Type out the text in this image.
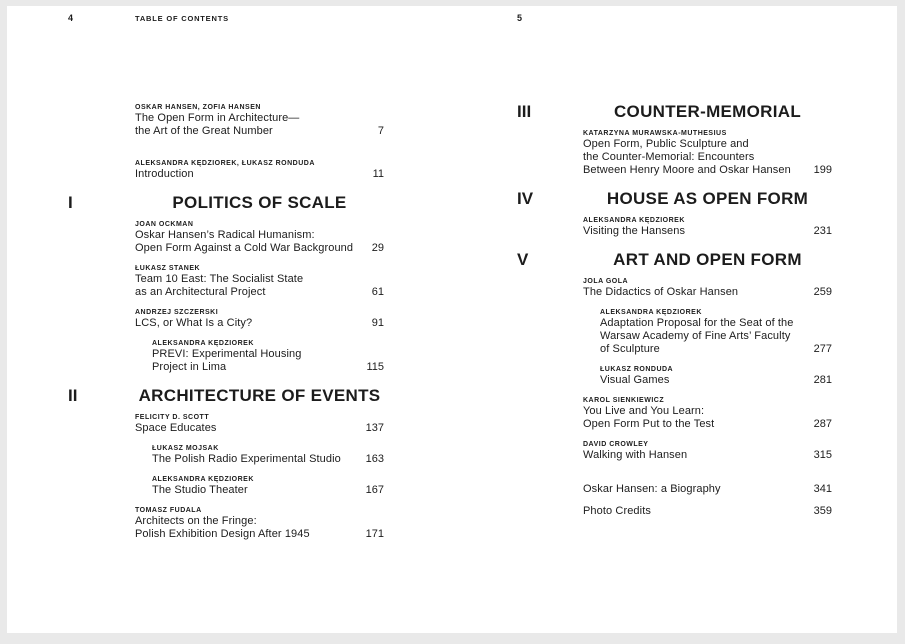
4	TABLE OF CONTENTS	5
OSKAR HANSEN, ZOFIA HANSEN
The Open Form in Architecture—
the Art of the Great Number	7
ALEKSANDRA KĘDZIOREK, ŁUKASZ RONDUDA
Introduction	11
I	POLITICS OF SCALE
JOAN OCKMAN
Oskar Hansen’s Radical Humanism:
Open Form Against a Cold War Background	29
ŁUKASZ STANEK
Team 10 East: The Socialist State
as an Architectural Project	61
ANDRZEJ SZCZERSKI
LCS, or What Is a City?	91
ALEKSANDRA KĘDZIOREK
PREVI: Experimental Housing
Project in Lima	115
II	ARCHITECTURE OF EVENTS
FELICITY D. SCOTT
Space Educates	137
ŁUKASZ MOJSAK
The Polish Radio Experimental Studio	163
ALEKSANDRA KĘDZIOREK
The Studio Theater	167
TOMASZ FUDALA
Architects on the Fringe:
Polish Exhibition Design After 1945	171
III	COUNTER-MEMORIAL
KATARZYNA MURAWSKA-MUTHESIUS
Open Form, Public Sculpture and
the Counter-Memorial: Encounters
Between Henry Moore and Oskar Hansen	199
IV	HOUSE AS OPEN FORM
ALEKSANDRA KĘDZIOREK
Visiting the Hansens	231
V	ART AND OPEN FORM
JOLA GOLA
The Didactics of Oskar Hansen	259
ALEKSANDRA KĘDZIOREK
Adaptation Proposal for the Seat of the
Warsaw Academy of Fine Arts’ Faculty
of Sculpture	277
ŁUKASZ RONDUDA
Visual Games	281
KAROL SIENKIEWICZ
You Live and You Learn:
Open Form Put to the Test	287
DAVID CROWLEY
Walking with Hansen	315
Oskar Hansen: a Biography	341
Photo Credits	359
